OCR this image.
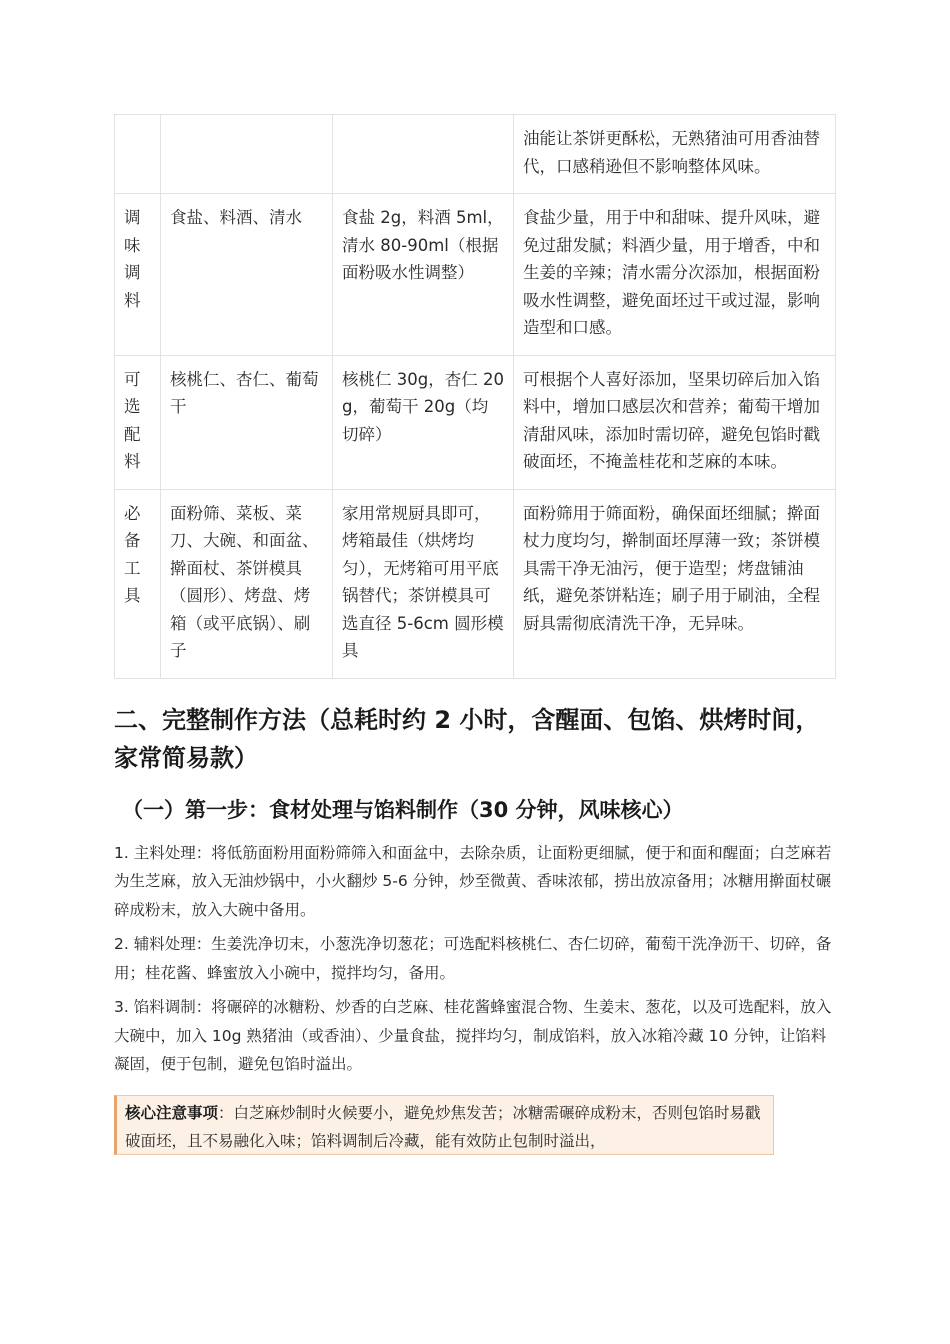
			油能让茶饼更酥松，无熟猪油可用香油替代，口感稍逊但不影响整体风味。

调味调料	食盐、料酒、清水	食盐 2g，料酒 5ml，清水 80-90ml（根据面粉吸水性调整）	食盐少量，用于中和甜味、提升风味，避免过甜发腻；料酒少量，用于增香，中和生姜的辛辣；清水需分次添加，根据面粉吸水性调整，避免面坯过干或过湿，影响造型和口感。

可选配料	核桃仁、杏仁、葡萄干	核桃仁 30g，杏仁 20g，葡萄干 20g（均切碎）	可根据个人喜好添加，坚果切碎后加入馅料中，增加口感层次和营养；葡萄干增加清甜风味，添加时需切碎，避免包馅时戳破面坯，不掩盖桂花和芝麻的本味。

必备工具	面粉筛、菜板、菜刀、大碗、和面盆、擀面杖、茶饼模具（圆形）、烤盘、烤箱（或平底锅）、刷子	家用常规厨具即可，烤箱最佳（烘烤均匀），无烤箱可用平底锅替代；茶饼模具可选直径 5-6cm 圆形模具	面粉筛用于筛面粉，确保面坯细腻；擀面杖力度均匀，擀制面坯厚薄一致；茶饼模具需干净无油污，便于造型；烤盘铺油纸，避免茶饼粘连；刷子用于刷油，全程厨具需彻底清洗干净，无异味。
二、完整制作方法（总耗时约 2 小时，含醒面、包馅、烘烤时间，家常简易款）
（一）第一步：食材处理与馅料制作（30 分钟，风味核心）

1. 主料处理：将低筋面粉用面粉筛筛入和面盆中，去除杂质，让面粉更细腻，便于和面和醒面；白芝麻若为生芝麻，放入无油炒锅中，小火翻炒 5-6 分钟，炒至微黄、香味浓郁，捞出放凉备用；冰糖用擀面杖碾碎成粉末，放入大碗中备用。

2. 辅料处理：生姜洗净切末，小葱洗净切葱花；可选配料核桃仁、杏仁切碎，葡萄干洗净沥干、切碎，备用；桂花酱、蜂蜜放入小碗中，搅拌均匀，备用。

3. 馅料调制：将碾碎的冰糖粉、炒香的白芝麻、桂花酱蜂蜜混合物、生姜末、葱花，以及可选配料，放入大碗中，加入 10g 熟猪油（或香油）、少量食盐，搅拌均匀，制成馅料，放入冰箱冷藏 10 分钟，让馅料凝固，便于包制，避免包馅时溢出。

核心注意事项：白芝麻炒制时火候要小，避免炒焦发苦；冰糖需碾碎成粉末，否则包馅时易戳破面坯，且不易融化入味；馅料调制后冷藏，能有效防止包制时溢出，
